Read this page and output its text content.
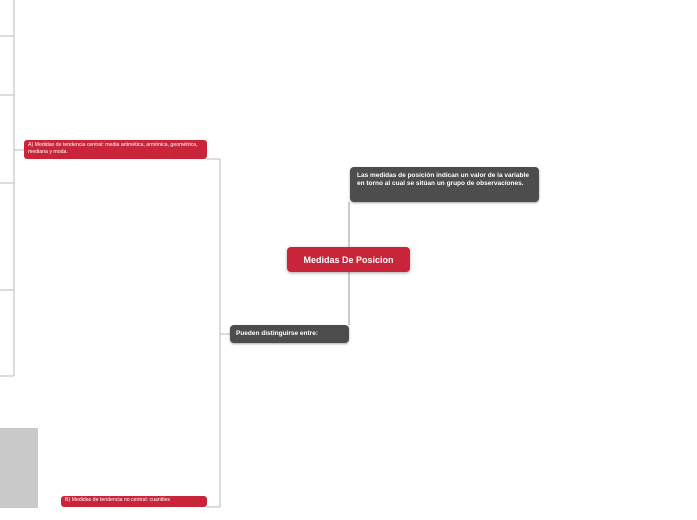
Medidas De Posicion
Las medidas de posición indican un valor de la variable en torno al cual se sitúan un grupo de observaciones.
Pueden distinguirse entre:
A) Medidas de tendencia central: media aritmética, armónica, geométrica, mediana y moda.
B) Medidas de tendencia no central: cuantiles
